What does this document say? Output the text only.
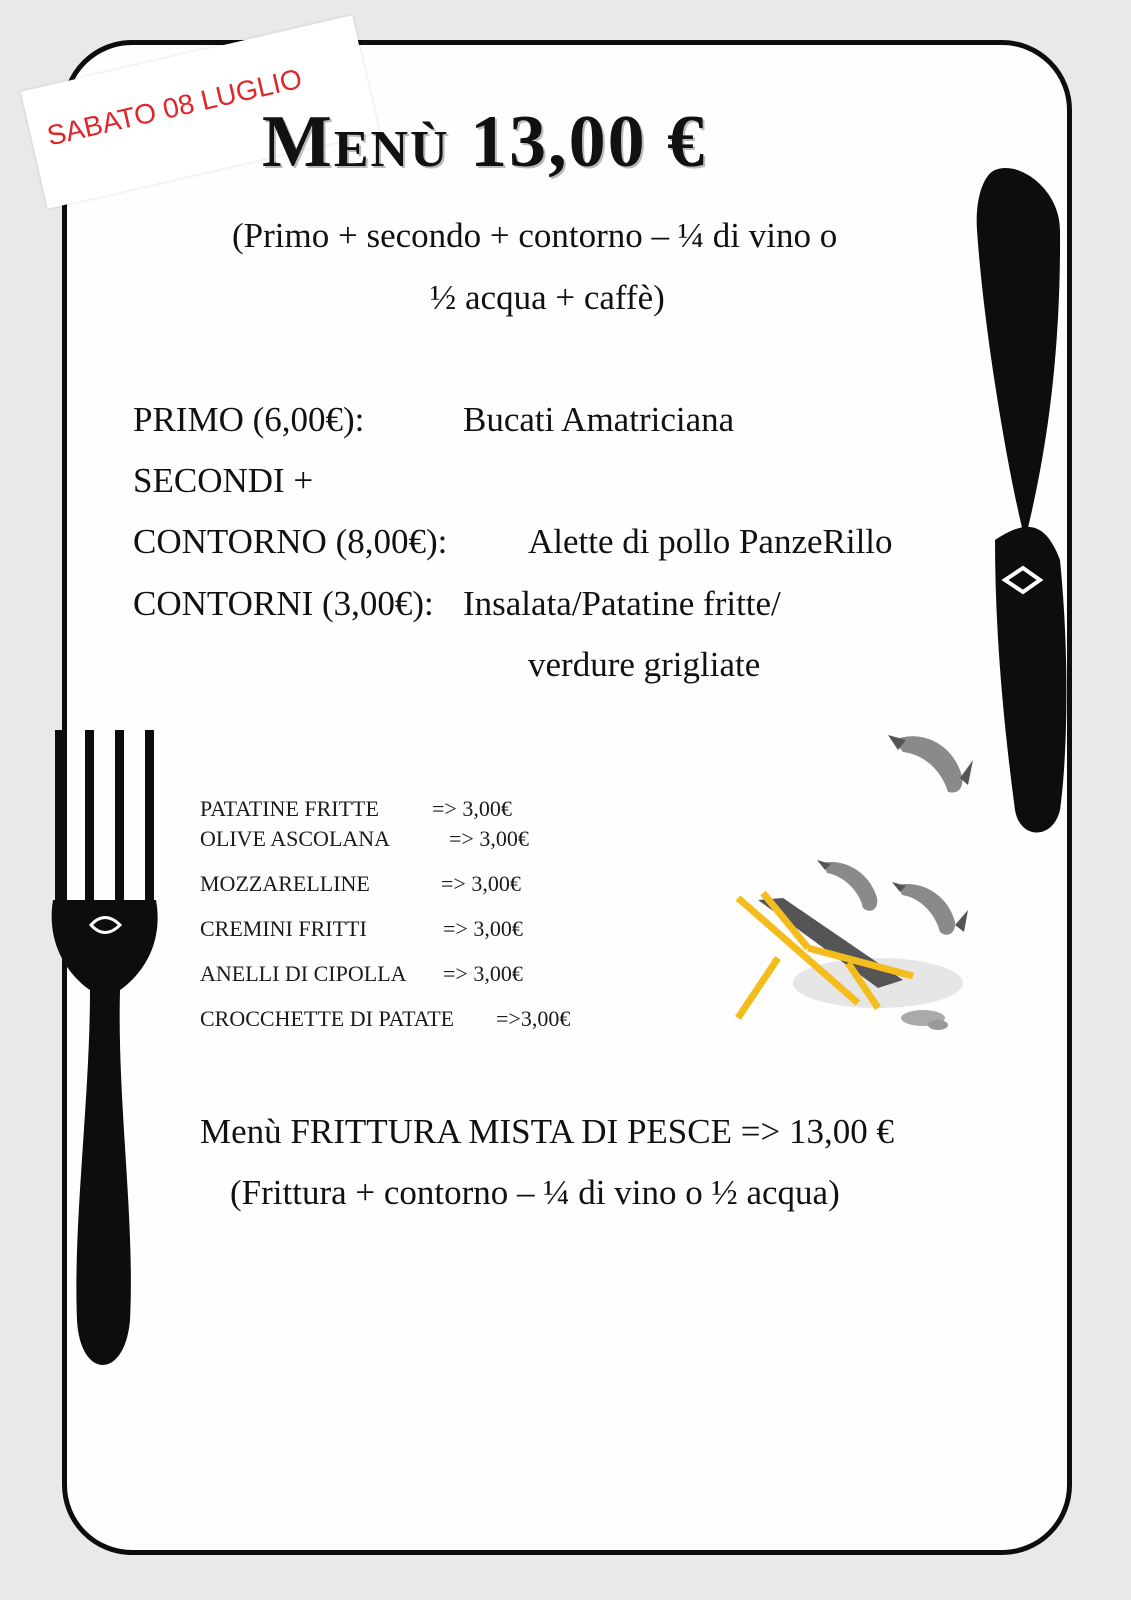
SABATO 08 LUGLIO
Menù 13,00 €
(Primo + secondo + contorno – ¼ di vino o
½ acqua + caffè)
PRIMO (6,00€):	Bucati Amatriciana
SECONDI +
CONTORNO (8,00€): Alette di pollo PanzeRillo
CONTORNI (3,00€): Insalata/Patatine fritte/
verdure grigliate
PATATINE FRITTE => 3,00€
OLIVE ASCOLANA	=> 3,00€
MOZZARELLINE	=> 3,00€
CREMINI FRITTI	=> 3,00€
ANELLI DI CIPOLLA => 3,00€
CROCCHETTE DI PATATE =>3,00€
Menù FRITTURA MISTA DI PESCE => 13,00 €
(Frittura + contorno – ¼ di vino o ½ acqua)
